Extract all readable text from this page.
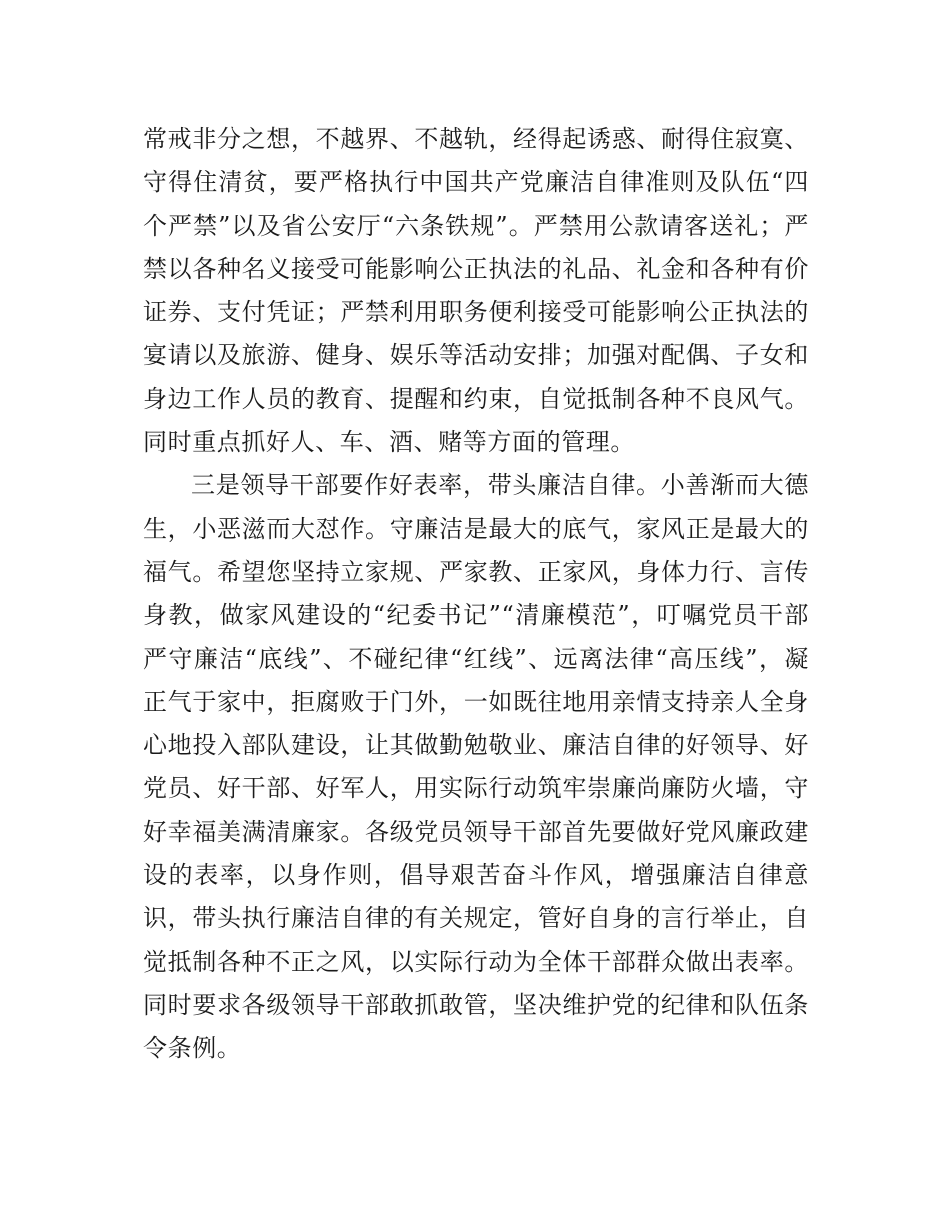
常戒非分之想，不越界、不越轨，经得起诱惑、耐得住寂寞、守得住清贫，要严格执行中国共产党廉洁自律准则及队伍“四个严禁”以及省公安厅“六条铁规”。严禁用公款请客送礼；严禁以各种名义接受可能影响公正执法的礼品、礼金和各种有价证券、支付凭证；严禁利用职务便利接受可能影响公正执法的宴请以及旅游、健身、娱乐等活动安排；加强对配偶、子女和身边工作人员的教育、提醒和约束，自觉抵制各种不良风气。同时重点抓好人、车、酒、赌等方面的管理。

三是领导干部要作好表率，带头廉洁自律。小善渐而大德生，小恶滋而大怼作。守廉洁是最大的底气，家风正是最大的福气。希望您坚持立家规、严家教、正家风，身体力行、言传身教，做家风建设的“纪委书记”“清廉模范”，叮嘱党员干部严守廉洁“底线”、不碰纪律“红线”、远离法律“高压线”，凝正气于家中，拒腐败于门外，一如既往地用亲情支持亲人全身心地投入部队建设，让其做勤勉敬业、廉洁自律的好领导、好党员、好干部、好军人，用实际行动筑牢崇廉尚廉防火墙，守好幸福美满清廉家。各级党员领导干部首先要做好党风廉政建设的表率，以身作则，倡导艰苦奋斗作风，增强廉洁自律意识，带头执行廉洁自律的有关规定，管好自身的言行举止，自觉抵制各种不正之风，以实际行动为全体干部群众做出表率。同时要求各级领导干部敢抓敢管，坚决维护党的纪律和队伍条令条例。
